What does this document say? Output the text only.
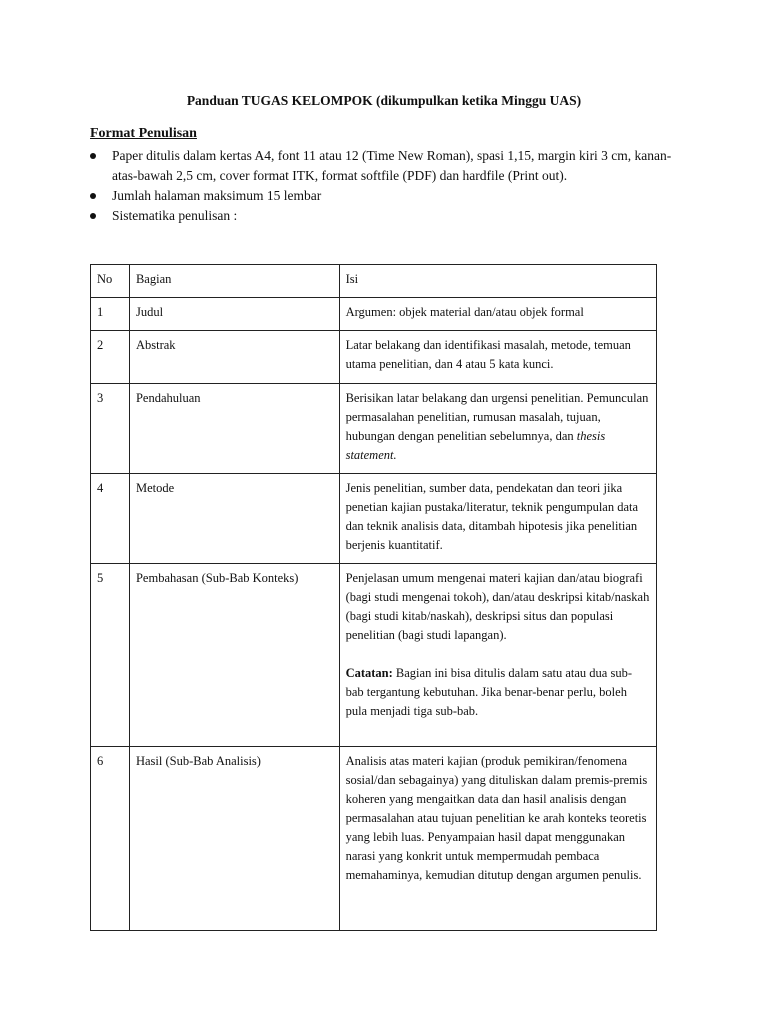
Panduan TUGAS KELOMPOK (dikumpulkan ketika Minggu UAS)
Format Penulisan
Paper ditulis dalam kertas A4, font 11 atau 12 (Time New Roman), spasi 1,15, margin kiri 3 cm, kanan-atas-bawah 2,5 cm, cover format ITK, format softfile (PDF) dan hardfile (Print out).
Jumlah halaman maksimum 15 lembar
Sistematika penulisan :
No	Bagian	Isi
1	Judul	Argumen: objek material dan/atau objek formal
2	Abstrak	Latar belakang dan identifikasi masalah, metode, temuan utama penelitian, dan 4 atau 5 kata kunci.
3	Pendahuluan	Berisikan latar belakang dan urgensi penelitian. Pemunculan permasalahan penelitian, rumusan masalah, tujuan, hubungan dengan penelitian sebelumnya, dan thesis statement.
4	Metode	Jenis penelitian, sumber data, pendekatan dan teori jika penetian kajian pustaka/literatur, teknik pengumpulan data dan teknik analisis data, ditambah hipotesis jika penelitian berjenis kuantitatif.
5	Pembahasan (Sub-Bab Konteks)	Penjelasan umum mengenai materi kajian dan/atau biografi (bagi studi mengenai tokoh), dan/atau deskripsi kitab/naskah (bagi studi kitab/naskah), deskripsi situs dan populasi penelitian (bagi studi lapangan).
Catatan: Bagian ini bisa ditulis dalam satu atau dua sub-bab tergantung kebutuhan. Jika benar-benar perlu, boleh pula menjadi tiga sub-bab.

6	Hasil (Sub-Bab Analisis)	Analisis atas materi kajian (produk pemikiran/fenomena sosial/dan sebagainya) yang dituliskan dalam premis-premis koheren yang mengaitkan data dan hasil analisis dengan permasalahan atau tujuan penelitian ke arah konteks teoretis yang lebih luas. Penyampaian hasil dapat menggunakan narasi yang konkrit untuk mempermudah pembaca memahaminya, kemudian ditutup dengan argumen penulis.
